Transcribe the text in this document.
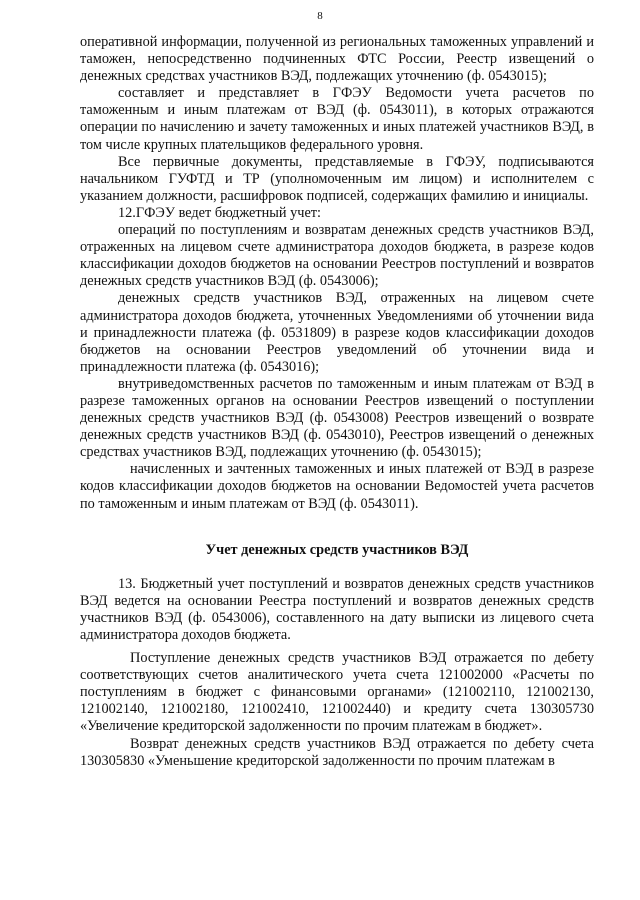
8

оперативной информации, полученной из региональных таможенных управлений и таможен, непосредственно подчиненных ФТС России, Реестр извещений о денежных средствах участников ВЭД, подлежащих уточнению (ф. 0543015);

составляет и представляет в ГФЭУ Ведомости учета расчетов по таможенным и иным платежам от ВЭД (ф. 0543011), в которых отражаются операции по начислению и зачету таможенных и иных платежей участников ВЭД, в том числе крупных плательщиков федерального уровня.

Все первичные документы, представляемые в ГФЭУ, подписываются начальником ГУФТД и ТР (уполномоченным им лицом) и исполнителем с указанием должности, расшифровок подписей, содержащих фамилию и инициалы.

12.ГФЭУ ведет бюджетный учет:

операций по поступлениям и возвратам денежных средств участников ВЭД, отраженных на лицевом счете администратора доходов бюджета, в разрезе кодов классификации доходов бюджетов на основании Реестров поступлений и возвратов денежных средств участников ВЭД (ф. 0543006);

денежных средств участников ВЭД, отраженных на лицевом счете администратора доходов бюджета, уточненных Уведомлениями об уточнении вида и принадлежности платежа (ф. 0531809) в разрезе кодов классификации доходов бюджетов на основании Реестров уведомлений об уточнении вида и принадлежности платежа (ф. 0543016);

внутриведомственных расчетов по таможенным и иным платежам от ВЭД в разрезе таможенных органов на основании Реестров извещений о поступлении денежных средств участников ВЭД (ф. 0543008) Реестров извещений о возврате денежных средств участников ВЭД (ф. 0543010), Реестров извещений о денежных средствах участников ВЭД, подлежащих уточнению (ф. 0543015);

начисленных и зачтенных таможенных и иных платежей от ВЭД в разрезе кодов классификации доходов бюджетов на основании Ведомостей учета расчетов по таможенным и иным платежам от ВЭД (ф. 0543011).

Учет денежных средств участников ВЭД

13. Бюджетный учет поступлений и возвратов денежных средств участников ВЭД ведется на основании Реестра поступлений и возвратов денежных средств участников ВЭД (ф. 0543006), составленного на дату выписки из лицевого счета администратора доходов бюджета.

Поступление денежных средств участников ВЭД отражается по дебету соответствующих счетов аналитического учета счета 121002000 «Расчеты по поступлениям в бюджет с финансовыми органами» (121002110, 121002130, 121002140, 121002180, 121002410, 121002440) и кредиту счета 130305730 «Увеличение кредиторской задолженности по прочим платежам в бюджет».

Возврат денежных средств участников ВЭД отражается по дебету счета 130305830 «Уменьшение кредиторской задолженности по прочим платежам в
